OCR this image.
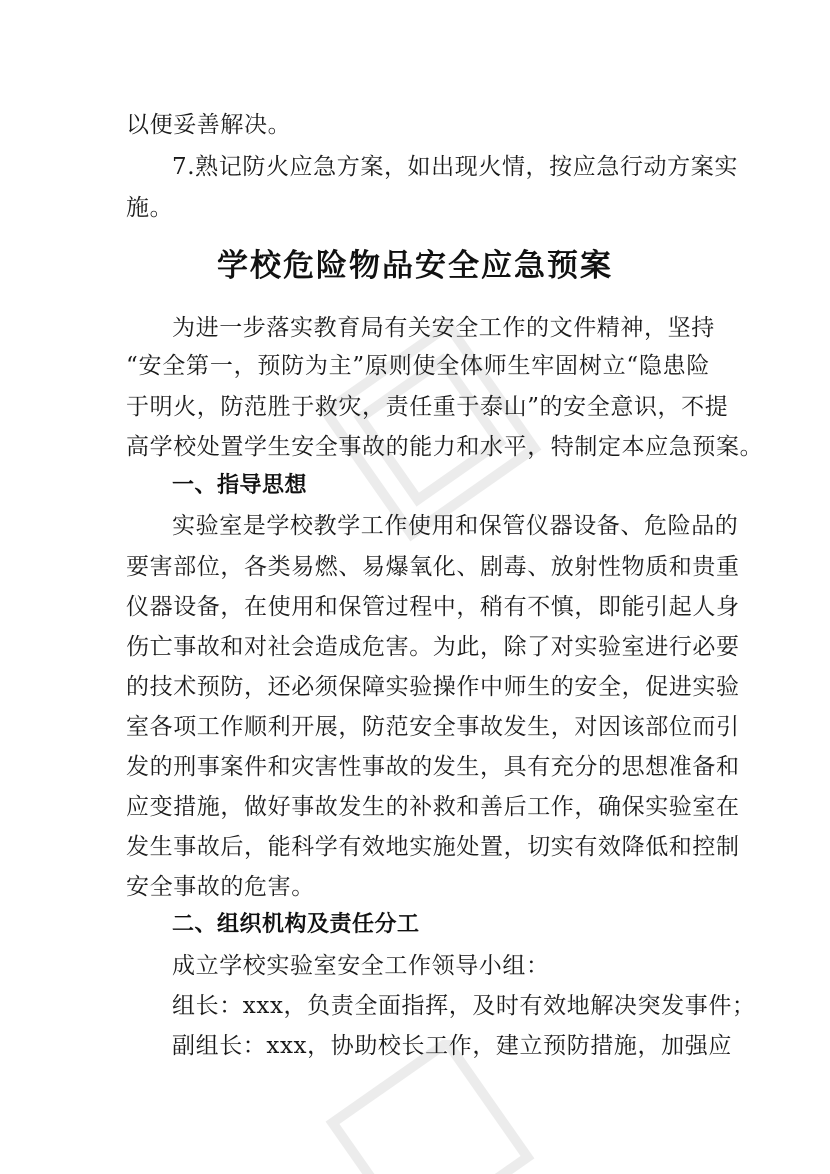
以便妥善解决。
7.熟记防火应急方案，如出现火情，按应急行动方案实
施。
学校危险物品安全应急预案
为进一步落实教育局有关安全工作的文件精神，坚持
“安全第一，预防为主”原则使全体师生牢固树立“隐患险
于明火，防范胜于救灾，责任重于泰山”的安全意识，不提
高学校处置学生安全事故的能力和水平，特制定本应急预案。
一、指导思想
实验室是学校教学工作使用和保管仪器设备、危险品的
要害部位，各类易燃、易爆氧化、剧毒、放射性物质和贵重
仪器设备，在使用和保管过程中，稍有不慎，即能引起人身
伤亡事故和对社会造成危害。为此，除了对实验室进行必要
的技术预防，还必须保障实验操作中师生的安全，促进实验
室各项工作顺利开展，防范安全事故发生，对因该部位而引
发的刑事案件和灾害性事故的发生，具有充分的思想准备和
应变措施，做好事故发生的补救和善后工作，确保实验室在
发生事故后，能科学有效地实施处置，切实有效降低和控制
安全事故的危害。
二、组织机构及责任分工
成立学校实验室安全工作领导小组：
组长：xxx，负责全面指挥，及时有效地解决突发事件；
副组长：xxx，协助校长工作，建立预防措施，加强应
